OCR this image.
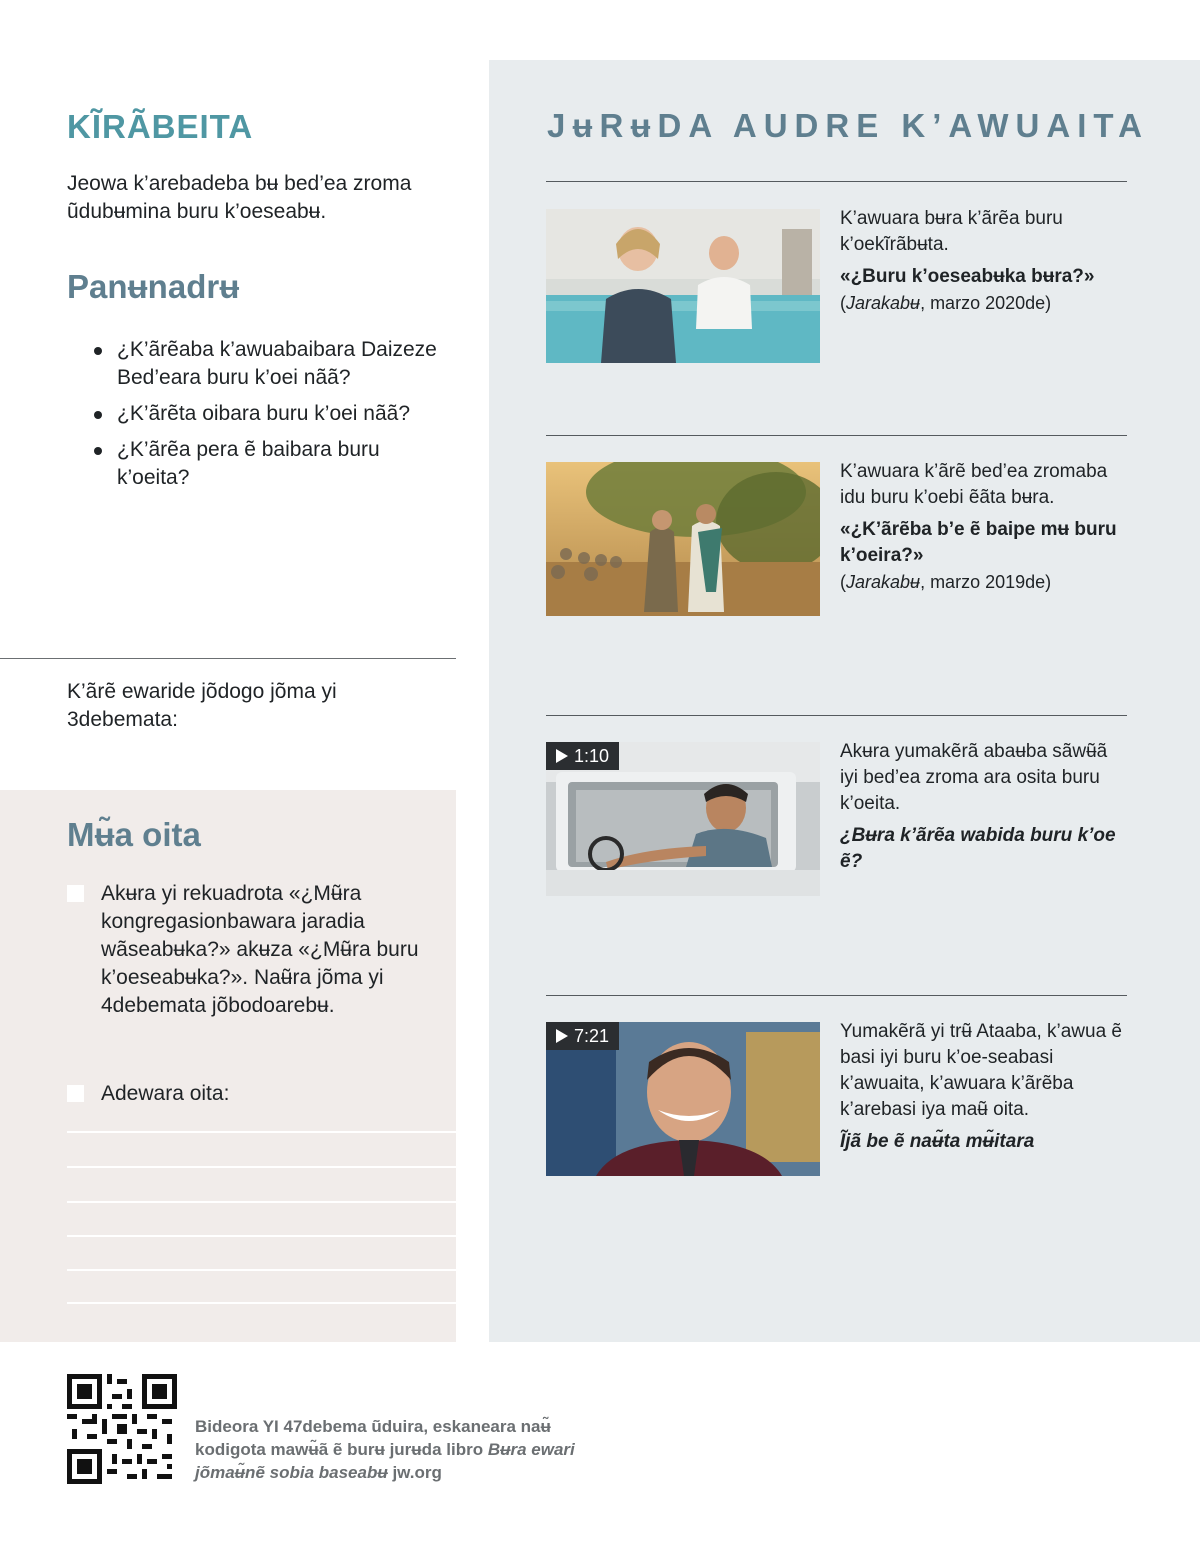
KĨRÃBEITA

Jeowa k’arebadeba bʉ bed’ea zroma ũdubʉmina buru k’oeseabʉ.

Panʉnadrʉ
¿K’ãrẽaba k’awuabaibara Daizeze Bed’eara buru k’oei nãã?
¿K’ãrẽta oibara buru k’oei nãã?
¿K’ãrẽa pera ẽ baibara buru k’oeita?

K’ãrẽ ewaride jõdogo jõma yi 3debemata:

Mʉ̃a oita
Akʉra yi rekuadrota «¿Mʉ̃ra kongregasionbawara jaradia wãseabʉka?» akʉza «¿Mʉ̃ra buru k’oeseabʉka?». Naʉ̃ra jõma yi 4debemata jõbodoarebʉ.
Adewara oita:
JʉRʉDA AUDRE K’AWUAITA

K’awuara bʉra k’ãrẽa buru k’oekĩrãbʉta.

«¿Buru k’oeseabʉka bʉra?»

(Jarakabʉ, marzo 2020de)

K’awuara k’ãrẽ bed’ea zromaba idu buru k’oebi ẽãta bʉra.

«¿K’ãrẽba b’e ẽ baipe mʉ buru k’oeira?»

(Jarakabʉ, marzo 2019de)

1:10	Akʉra yumakẽrã abaʉba sãwʉ̃ã iyi bed’ea zroma ara osita buru k’oeita.

¿Bʉra k’ãrẽa wabida buru k’oe ẽ?

7:21	Yumakẽrã yi trʉ̃ Ataaba, k’awua ẽ basi iyi buru k’oe-seabasi k’awuaita, k’awuara k’ãrẽba k’arebasi iya maʉ̃ oita.

Ĩjã be ẽ naʉ̃ta mʉ̃itara

Bideora YI 47debema ũduira, eskaneara naʉ̃ kodigota mawʉ̃ã ẽ burʉ jurʉda libro Bʉra ewari jõmaʉ̃nẽ sobia baseabʉ jw.org
